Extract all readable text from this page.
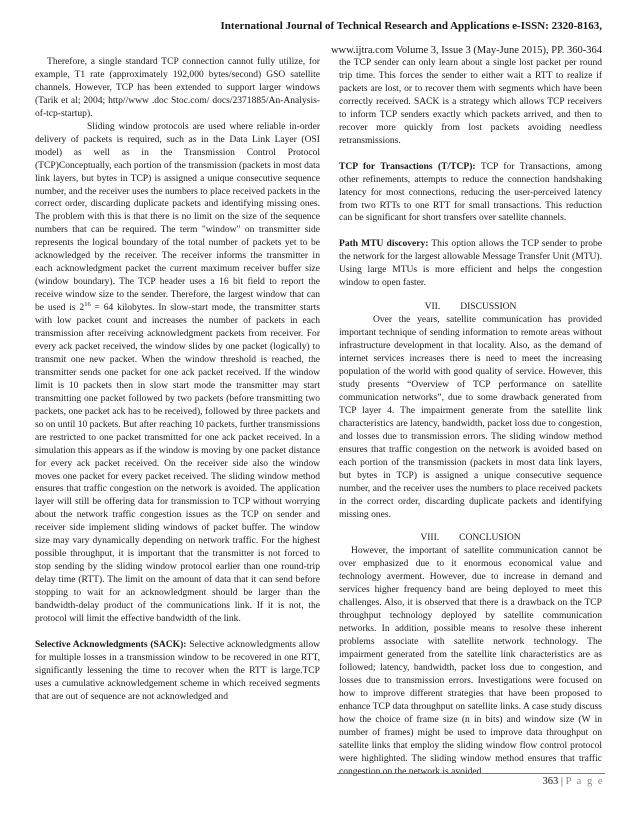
International Journal of Technical Research and Applications e-ISSN: 2320-8163,
www.ijtra.com Volume 3, Issue 3 (May-June 2015), PP. 360-364

Therefore, a single standard TCP connection cannot fully utilize, for example, T1 rate (approximately 192,000 bytes/second) GSO satellite channels. However, TCP has been extended to support larger windows (Tarik et al; 2004; http//www .doc Stoc.com/ docs/2371885/An-Analysis-of-tcp-startup).

Sliding window protocols are used where reliable in-order delivery of packets is required, such as in the Data Link Layer (OSI model) as well as in the Transmission Control Protocol (TCP)Conceptually, each portion of the transmission (packets in most data link layers, but bytes in TCP) is assigned a unique consecutive sequence number, and the receiver uses the numbers to place received packets in the correct order, discarding duplicate packets and identifying missing ones. The problem with this is that there is no limit on the size of the sequence numbers that can be required. The term "window" on transmitter side represents the logical boundary of the total number of packets yet to be acknowledged by the receiver. The receiver informs the transmitter in each acknowledgment packet the current maximum receiver buffer size (window boundary). The TCP header uses a 16 bit field to report the receive window size to the sender. Therefore, the largest window that can be used is $2^{16} = 64$ kilobytes. In slow-start mode, the transmitter starts with low packet count and increases the number of packets in each transmission after receiving acknowledgment packets from receiver. For every ack packet received, the window slides by one packet (logically) to transmit one new packet. When the window threshold is reached, the transmitter sends one packet for one ack packet received. If the window limit is 10 packets then in slow start mode the transmitter may start transmitting one packet followed by two packets (before transmitting two packets, one packet ack has to be received), followed by three packets and so on until 10 packets. But after reaching 10 packets, further transmissions are restricted to one packet transmitted for one ack packet received. In a simulation this appears as if the window is moving by one packet distance for every ack packet received. On the receiver side also the window moves one packet for every packet received. The sliding window method ensures that traffic congestion on the network is avoided. The application layer will still be offering data for transmission to TCP without worrying about the network traffic congestion issues as the TCP on sender and receiver side implement sliding windows of packet buffer. The window size may vary dynamically depending on network traffic. For the highest possible throughput, it is important that the transmitter is not forced to stop sending by the sliding window protocol earlier than one round-trip delay time (RTT). The limit on the amount of data that it can send before stopping to wait for an acknowledgment should be larger than the bandwidth-delay product of the communications link. If it is not, the protocol will limit the effective bandwidth of the link.

Selective Acknowledgments (SACK): Selective acknowledgments allow for multiple losses in a transmission window to be recovered in one RTT, significantly lessening the time to recover when the RTT is large.TCP uses a cumulative acknowledgement scheme in which received segments that are out of sequence are not acknowledged and

the TCP sender can only learn about a single lost packet per round trip time. This forces the sender to either wait a RTT to realize if packets are lost, or to recover them with segments which have been correctly received. SACK is a strategy which allows TCP receivers to inform TCP senders exactly which packets arrived, and then to recover more quickly from lost packets avoiding needless retransmissions.

TCP for Transactions (T/TCP): TCP for Transactions, among other refinements, attempts to reduce the connection handshaking latency for most connections, reducing the user-perceived latency from two RTTs to one RTT for small transactions. This reduction can be significant for short transfers over satellite channels.

Path MTU discovery: This option allows the TCP sender to probe the network for the largest allowable Message Transfer Unit (MTU). Using large MTUs is more efficient and helps the congestion window to open faster.

VII. DISCUSSION

Over the years, satellite communication has provided important technique of sending information to remote areas without infrastructure development in that locality. Also, as the demand of internet services increases there is need to meet the increasing population of the world with good quality of service. However, this study presents “Overview of TCP performance on satellite communication networks”, due to some drawback generated from TCP layer 4. The impairment generate from the satellite link characteristics are latency, bandwidth, packet loss due to congestion, and losses due to transmission errors. The sliding window method ensures that traffic congestion on the network is avoided based on each portion of the transmission (packets in most data link layers, but bytes in TCP) is assigned a unique consecutive sequence number, and the receiver uses the numbers to place received packets in the correct order, discarding duplicate packets and identifying missing ones.

VIII. CONCLUSION

However, the important of satellite communication cannot be over emphasized due to it enormous economical value and technology averment. However, due to increase in demand and services higher frequency band are being deployed to meet this challenges. Also, it is observed that there is a drawback on the TCP throughput technology deployed by satellite communication networks. In addition, possible means to resolve these inherent problems associate with satellite network technology. The impairment generated from the satellite link characteristics are as followed; latency, bandwidth, packet loss due to congestion, and losses due to transmission errors. Investigations were focused on how to improve different strategies that have been proposed to enhance TCP data throughput on satellite links. A case study discuss how the choice of frame size (n in bits) and window size (W in number of frames) might be used to improve data throughput on satellite links that employ the sliding window flow control protocol were highlighted. The sliding window method ensures that traffic congestion on the network is avoided.

363 | P a g e
